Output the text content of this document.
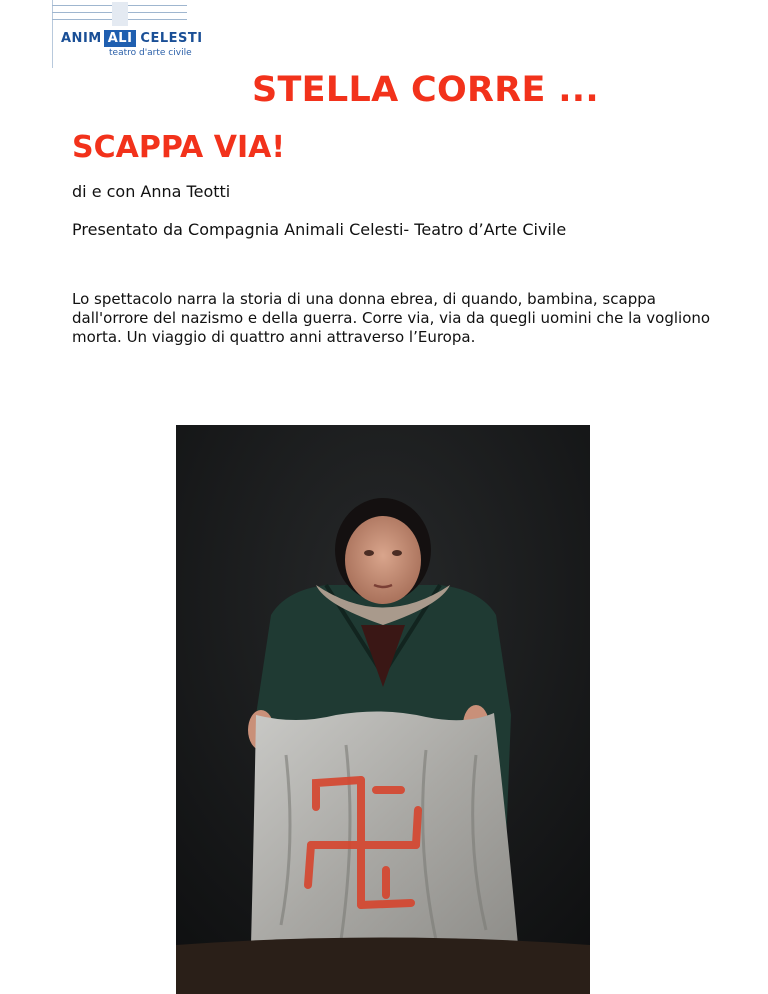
ANIM ALI CELESTI
teatro d'arte civile
STELLA CORRE ...
SCAPPA VIA!
di e con Anna Teotti
Presentato da Compagnia Animali Celesti- Teatro d’Arte Civile

Lo spettacolo narra la storia di una donna ebrea, di quando, bambina, scappa dall'orrore del nazismo e della guerra. Corre via, via da quegli uomini che la vogliono morta. Un viaggio di quattro anni attraverso l’Europa.
